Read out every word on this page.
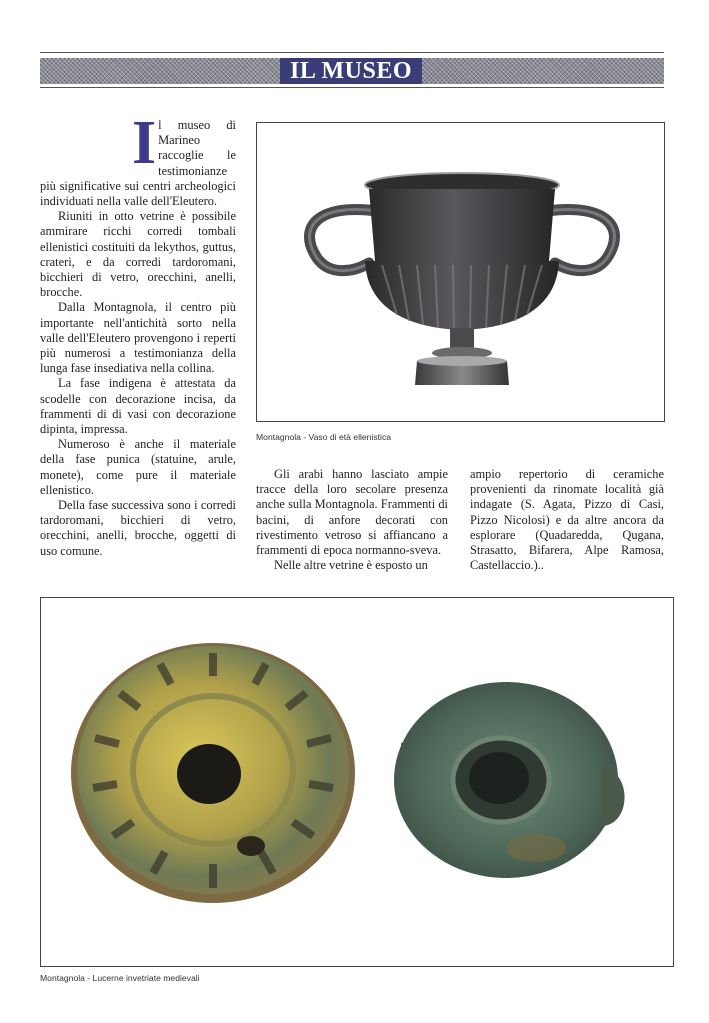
IL MUSEO

Il museo di Marineo raccoglie le testimonianze più significative sui centri archeologici individuati nella valle dell'Eleutero.

Riuniti in otto vetrine è possibile ammirare ricchi corredi tombali ellenistici costituiti da lekythos, guttus, crateri, e da corredi tardoromani, bicchieri di vetro, orecchini, anelli, brocche.

Dalla Montagnola, il centro più importante nell'antichità sorto nella valle dell'Eleutero provengono i reperti più numerosi a testimonianza della lunga fase insediativa nella collina.

La fase indigena è attestata da scodelle con decorazione incisa, da frammenti di di vasi con decorazione dipinta, impressa.

Numeroso è anche il materiale della fase punica (statuine, arule, monete), come pure il materiale ellenistico.

Della fase successiva sono i corredi tardoromani, bicchieri di vetro, orecchini, anelli, brocche, oggetti di uso comune.

Montagnola - Vaso di età ellenistica

Gli arabi hanno lasciato ampie tracce della loro secolare presenza anche sulla Montagnola. Frammenti di bacini, di anfore decorati con rivestimento vetroso si affiancano a frammenti di epoca normanno-sveva.

Nelle altre vetrine è esposto un

ampio repertorio di ceramiche provenienti da rinomate località già indagate (S. Agata, Pizzo di Casi, Pizzo Nicolosi) e da altre ancora da esplorare (Quadaredda, Qugana, Strasatto, Bifarera, Alpe Ramosa, Castellaccio.)..

Montagnola - Lucerne invetriate medievali
